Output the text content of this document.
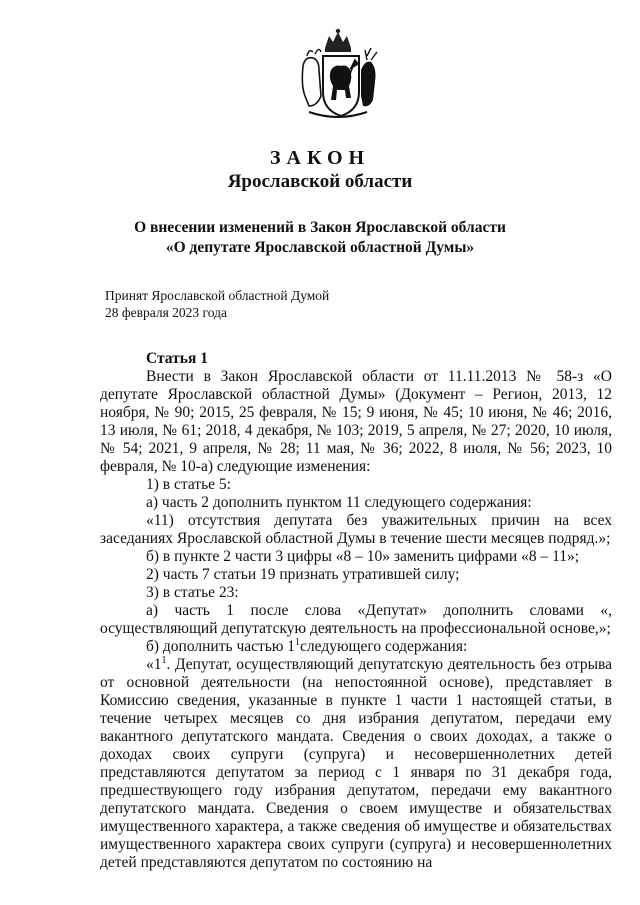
ЗАКОН
Ярославской области
О внесении изменений в Закон Ярославской области
«О депутате Ярославской областной Думы»
Принят Ярославской областной Думой
28 февраля 2023 года

Статья 1

Внести в Закон Ярославской области от 11.11.2013 № 58-з «О депутате Ярославской областной Думы» (Документ – Регион, 2013, 12 ноября, № 90; 2015, 25 февраля, № 15; 9 июня, № 45; 10 июня, № 46; 2016, 13 июля, № 61; 2018, 4 декабря, № 103; 2019, 5 апреля, № 27; 2020, 10 июля, № 54; 2021, 9 апреля, № 28; 11 мая, № 36; 2022, 8 июля, № 56; 2023, 10 февраля, № 10-а) следующие изменения:

1) в статье 5:

а) часть 2 дополнить пунктом 11 следующего содержания:

«11) отсутствия депутата без уважительных причин на всех заседаниях Ярославской областной Думы в течение шести месяцев подряд.»;

б) в пункте 2 части 3 цифры «8 – 10» заменить цифрами «8 – 11»;

2) часть 7 статьи 19 признать утратившей силу;

3) в статье 23:

а) часть 1 после слова «Депутат» дополнить словами «, осуществляющий депутатскую деятельность на профессиональной основе,»;

б) дополнить частью $1^1следующего$ содержания:

«$1^1$. Депутат, осуществляющий депутатскую деятельность без отрыва от основной деятельности (на непостоянной основе), представляет в Комиссию сведения, указанные в пункте 1 части 1 настоящей статьи, в течение четырех месяцев со дня избрания депутатом, передачи ему вакантного депутатского мандата. Сведения о своих доходах, а также о доходах своих супруги (супруга) и несовершеннолетних детей представляются депутатом за период с 1 января по 31 декабря года, предшествующего году избрания депутатом, передачи ему вакантного депутатского мандата. Сведения о своем имуществе и обязательствах имущественного характера, а также сведения об имуществе и обязательствах имущественного характера своих супруги (супруга) и несовершеннолетних детей представляются депутатом по состоянию на
